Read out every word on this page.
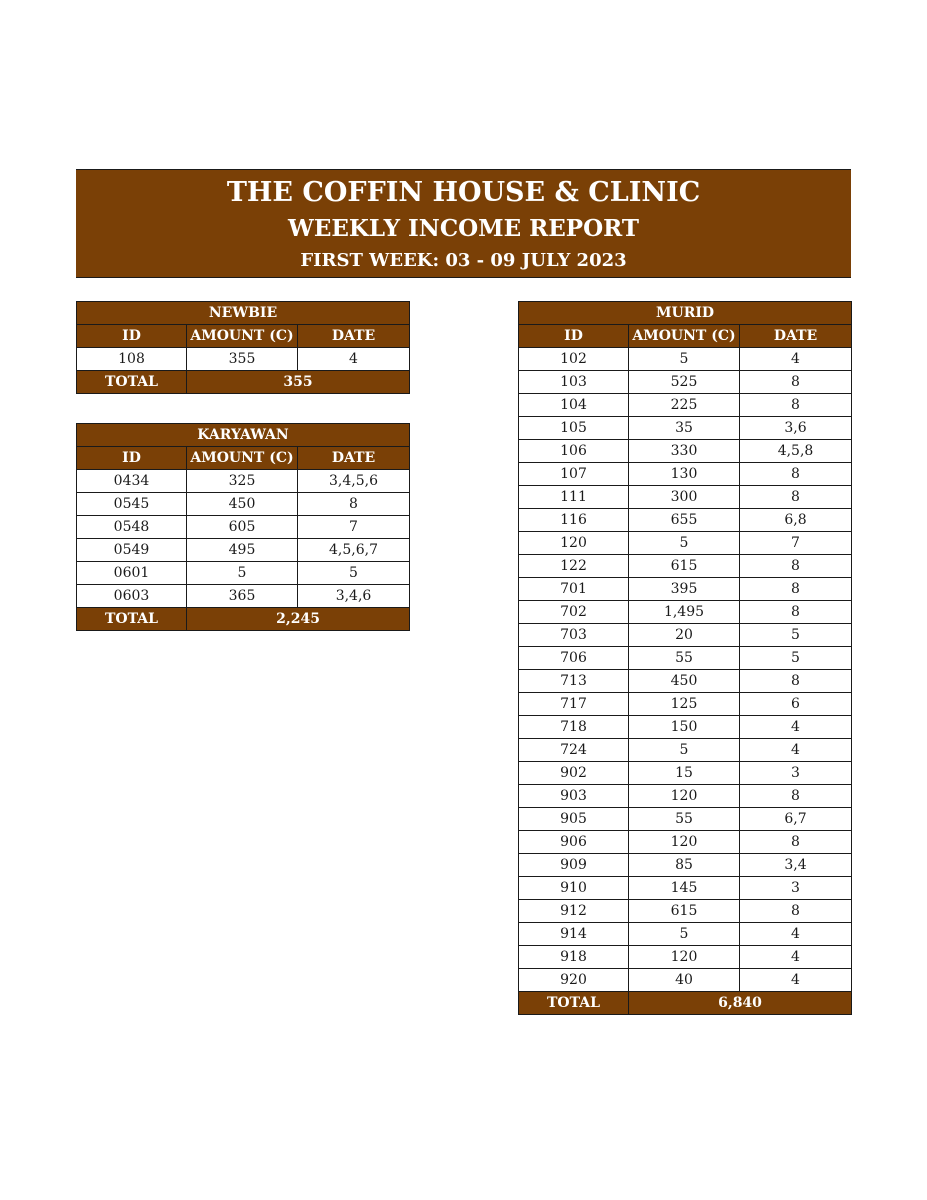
THE COFFIN HOUSE & CLINIC
WEEKLY INCOME REPORT
FIRST WEEK: 03 - 09 JULY 2023
NEWBIE		
ID	AMOUNT (C)	DATE
108	355	4
TOTAL	355	
KARYAWAN		
ID	AMOUNT (C)	DATE
0434	325	3,4,5,6
0545	450	8
0548	605	7
0549	495	4,5,6,7
0601	5	5
0603	365	3,4,6
TOTAL	2,245	
MURID		
ID	AMOUNT (C)	DATE
102	5	4
103	525	8
104	225	8
105	35	3,6
106	330	4,5,8
107	130	8
111	300	8
116	655	6,8
120	5	7
122	615	8
701	395	8
702	1,495	8
703	20	5
706	55	5
713	450	8
717	125	6
718	150	4
724	5	4
902	15	3
903	120	8
905	55	6,7
906	120	8
909	85	3,4
910	145	3
912	615	8
914	5	4
918	120	4
920	40	4
TOTAL	6,840	
